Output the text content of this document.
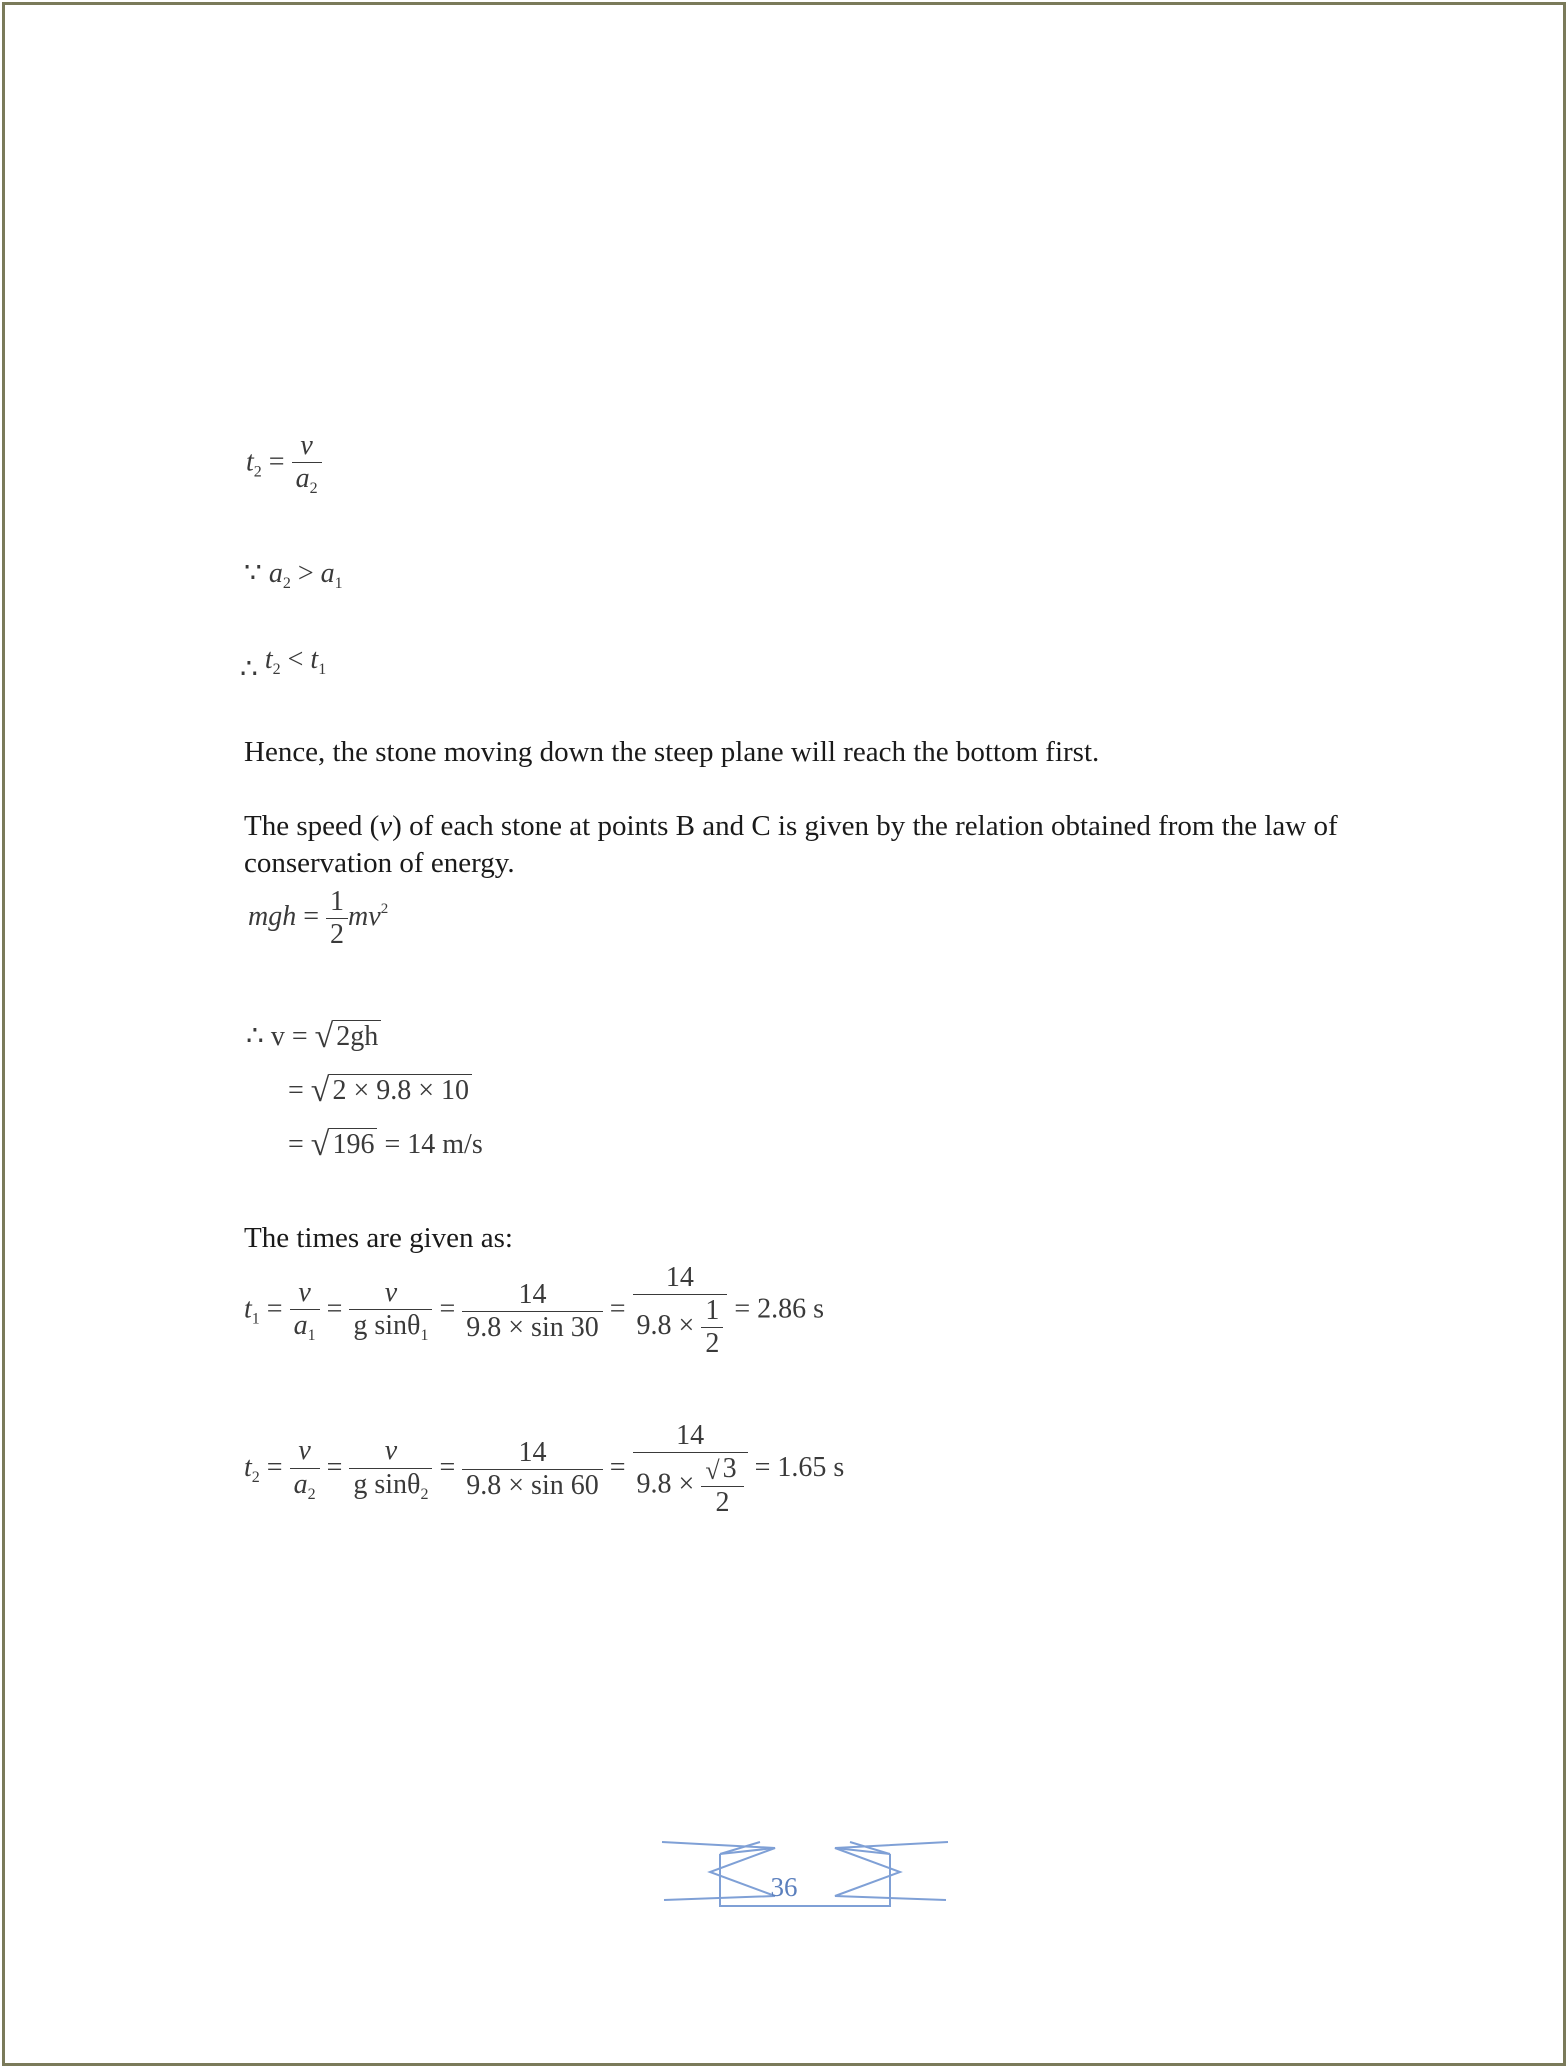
$t_2 = \frac{v}{a_2}$
∵ $a_2 > a_1$
∴ $t_2 < t_1$
Hence, the stone moving down the steep plane will reach the bottom first.
The speed (v) of each stone at points B and C is given by the relation obtained from the law of conservation of energy.
mgh = $\frac{1}{2} mv^2$
∴ v = √ 2gh
= √ 2 × 9.8 × 10
= √ 196 = 14 m/s
The times are given as:
$t_1 = \frac{v}{a_1} = \frac{v}{g \sin\theta_1} = \frac{14}{9.8 \times \sin 30} = \frac{14}{9.8 \times \frac{1}{2}} = 2.86$ s
$t_2 = \frac{v}{a_2} = \frac{v}{g \sin\theta_2} = \frac{14}{9.8 \times \sin 60} = \frac{14}{9.8 \times \frac{√ 3}{2}} = 1.65$ s
36
